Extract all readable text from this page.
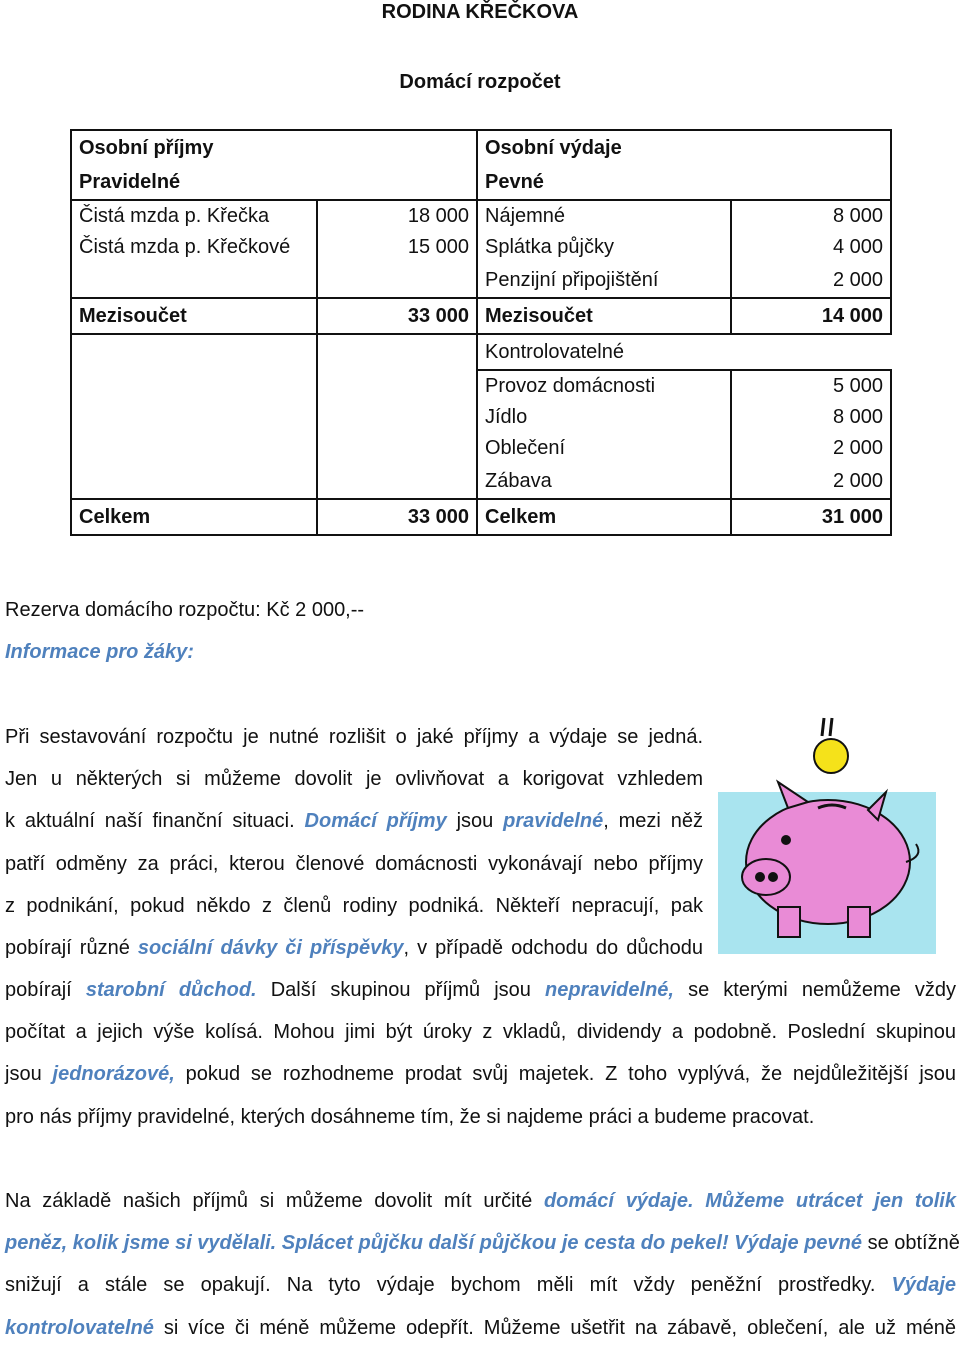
RODINA KŘEČKOVA
Domácí rozpočet
Osobní příjmy		Osobní výdaje	
Pravidelné		Pevné	
Čistá mzda p. Křečka	18 000	Nájemné	8 000
Čistá mzda p. Křečkové	15 000	Splátka půjčky	4 000
		Penzijní připojištění	2 000
Mezisoučet	33 000	Mezisoučet	14 000
		Kontrolovatelné	
		Provoz domácnosti	5 000
		Jídlo	8 000
		Oblečení	2 000
		Zábava	2 000
Celkem	33 000	Celkem	31 000
Rezerva domácího rozpočtu: Kč 2 000,--
Informace pro žáky:
Při sestavování rozpočtu je nutné rozlišit o jaké příjmy a výdaje se jedná.
Jen u některých si můžeme dovolit je ovlivňovat a korigovat vzhledem
k aktuální naší finanční situaci. Domácí příjmy jsou pravidelné, mezi něž
patří odměny za práci, kterou členové domácnosti vykonávají nebo příjmy
z podnikání, pokud někdo z členů rodiny podniká. Někteří nepracují, pak
pobírají různé sociální dávky či příspěvky, v případě odchodu do důchodu
pobírají starobní důchod. Další skupinou příjmů jsou nepravidelné, se kterými nemůžeme vždy
počítat a jejich výše kolísá. Mohou jimi být úroky z vkladů, dividendy a podobně. Poslední skupinou
jsou jednorázové, pokud se rozhodneme prodat svůj majetek. Z toho vyplývá, že nejdůležitější jsou
pro nás příjmy pravidelné, kterých dosáhneme tím, že si najdeme práci a budeme pracovat.
Na základě našich příjmů si můžeme dovolit mít určité domácí výdaje. Můžeme utrácet jen tolik
peněz, kolik jsme si vydělali. Splácet půjčku další půjčkou je cesta do pekel! Výdaje pevné se obtížně
snižují a stále se opakují. Na tyto výdaje bychom měli mít vždy peněžní prostředky. Výdaje
kontrolovatelné si více či méně můžeme odepřít. Můžeme ušetřit na zábavě, oblečení, ale už méně
